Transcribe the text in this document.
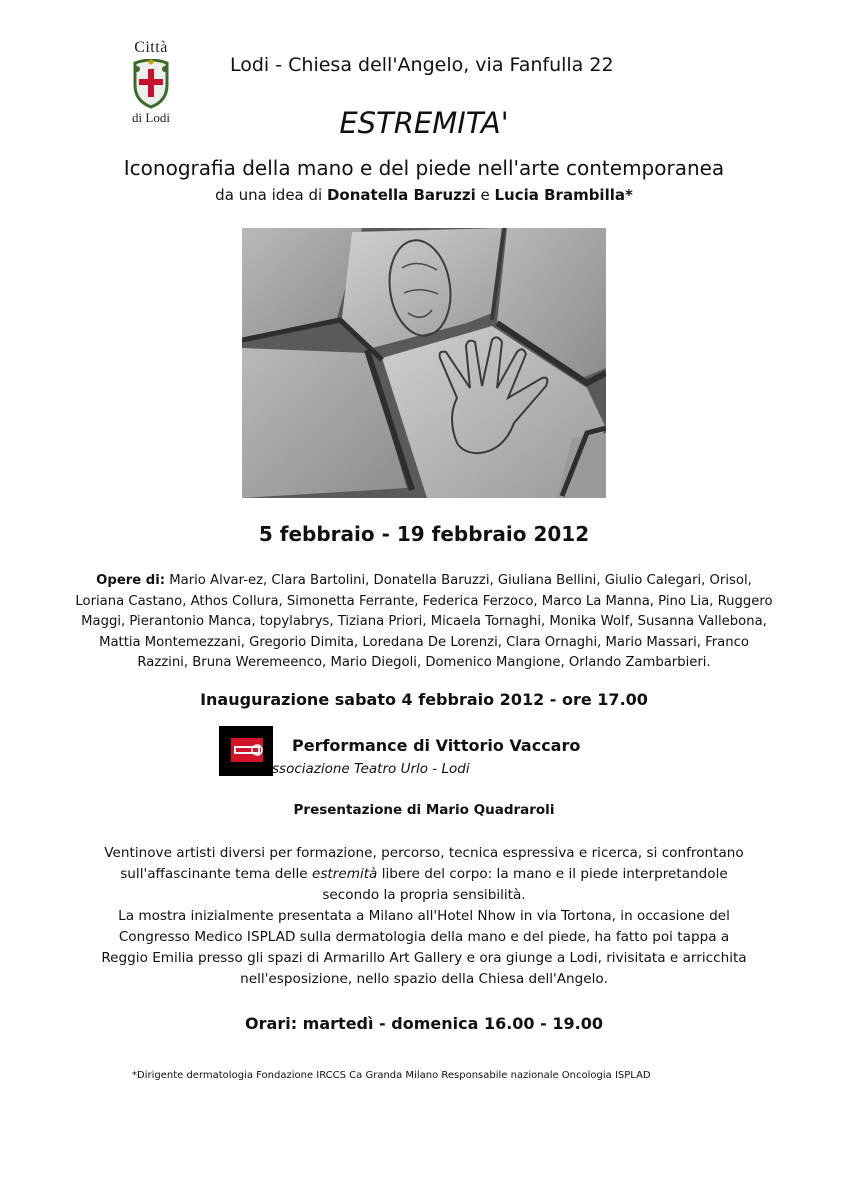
Città
di Lodi
Lodi - Chiesa dell'Angelo, via Fanfulla 22
ESTREMITA'
Iconografia della mano e del piede nell'arte contemporanea
da una idea di Donatella Baruzzi e Lucia Brambilla*
5 febbraio - 19 febbraio 2012
Opere di: Mario Alvar-ez, Clara Bartolini, Donatella Baruzzi, Giuliana Bellini, Giulio Calegari, Orisol, Loriana Castano, Athos Collura, Simonetta Ferrante, Federica Ferzoco, Marco La Manna, Pino Lia, Ruggero Maggi, Pierantonio Manca, topylabrys, Tiziana Priori, Micaela Tornaghi, Monika Wolf, Susanna Vallebona, Mattia Montemezzani, Gregorio Dimita, Loredana De Lorenzi, Clara Ornaghi, Mario Massari, Franco Razzini, Bruna Weremeenco, Mario Diegoli, Domenico Mangione, Orlando Zambarbieri.
Inaugurazione sabato 4 febbraio 2012 - ore 17.00
Performance di Vittorio Vaccaro
ssociazione Teatro Urlo - Lodi
Presentazione di Mario Quadraroli

Ventinove artisti diversi per formazione, percorso, tecnica espressiva e ricerca, si confrontano sull'affascinante tema delle estremità libere del corpo: la mano e il piede interpretandole secondo la propria sensibilità.

La mostra inizialmente presentata a Milano all'Hotel Nhow in via Tortona, in occasione del Congresso Medico ISPLAD sulla dermatologia della mano e del piede, ha fatto poi tappa a Reggio Emilia presso gli spazi di Armarillo Art Gallery e ora giunge a Lodi, rivisitata e arricchita nell'esposizione, nello spazio della Chiesa dell'Angelo.

Orari: martedì - domenica 16.00 - 19.00
*Dirigente dermatologia Fondazione IRCCS Ca Granda Milano Responsabile nazionale Oncologia ISPLAD
